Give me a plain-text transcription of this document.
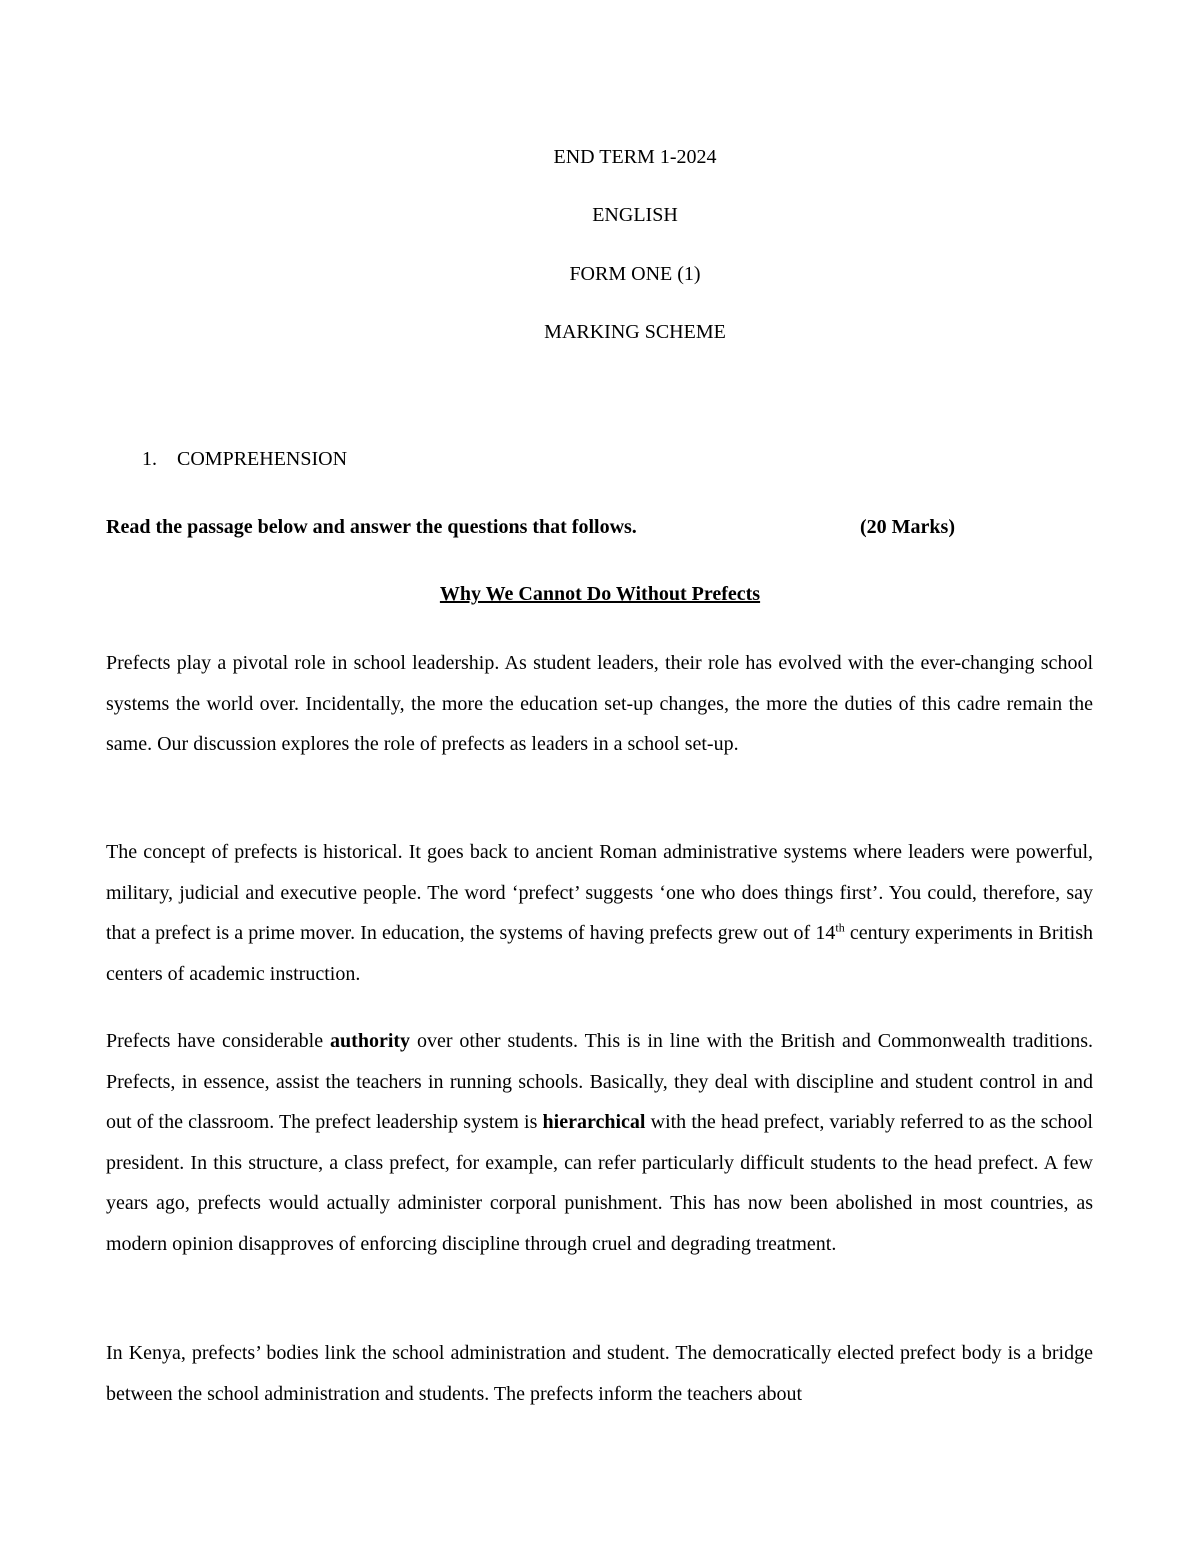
END TERM 1-2024
ENGLISH
FORM ONE (1)
MARKING SCHEME
1. COMPREHENSION
Read the passage below and answer the questions that follows.	(20 Marks)
Why We Cannot Do Without Prefects

Prefects play a pivotal role in school leadership. As student leaders, their role has evolved with the ever-changing school systems the world over. Incidentally, the more the education set-up changes, the more the duties of this cadre remain the same. Our discussion explores the role of prefects as leaders in a school set-up.

The concept of prefects is historical. It goes back to ancient Roman administrative systems where leaders were powerful, military, judicial and executive people. The word ‘prefect’ suggests ‘one who does things first’. You could, therefore, say that a prefect is a prime mover. In education, the systems of having prefects grew out of 14th century experiments in British centers of academic instruction.

Prefects have considerable authority over other students. This is in line with the British and Commonwealth traditions. Prefects, in essence, assist the teachers in running schools. Basically, they deal with discipline and student control in and out of the classroom. The prefect leadership system is hierarchical with the head prefect, variably referred to as the school president. In this structure, a class prefect, for example, can refer particularly difficult students to the head prefect. A few years ago, prefects would actually administer corporal punishment. This has now been abolished in most countries, as modern opinion disapproves of enforcing discipline through cruel and degrading treatment.

In Kenya, prefects’ bodies link the school administration and student. The democratically elected prefect body is a bridge between the school administration and students. The prefects inform the teachers about
